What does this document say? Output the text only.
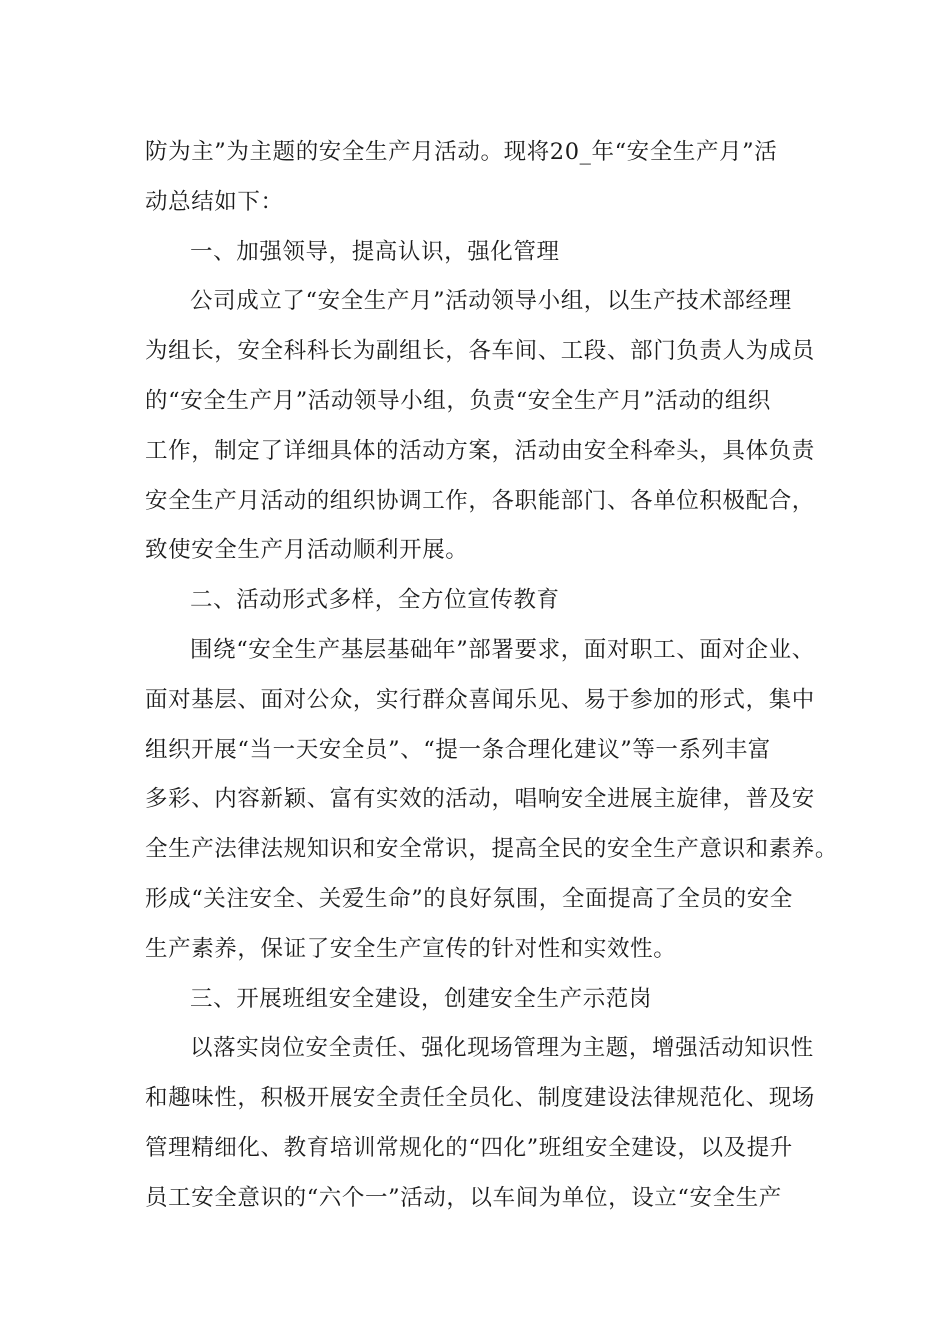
防为主”为主题的安全生产月活动。现将20_年“安全生产月”活
动总结如下：
一、加强领导，提高认识，强化管理
公司成立了“安全生产月”活动领导小组，以生产技术部经理
为组长，安全科科长为副组长，各车间、工段、部门负责人为成员
的“安全生产月”活动领导小组，负责“安全生产月”活动的组织
工作，制定了详细具体的活动方案，活动由安全科牵头，具体负责
安全生产月活动的组织协调工作，各职能部门、各单位积极配合，
致使安全生产月活动顺利开展。
二、活动形式多样，全方位宣传教育
围绕“安全生产基层基础年”部署要求，面对职工、面对企业、
面对基层、面对公众，实行群众喜闻乐见、易于参加的形式，集中
组织开展“当一天安全员”、“提一条合理化建议”等一系列丰富
多彩、内容新颖、富有实效的活动，唱响安全进展主旋律，普及安
全生产法律法规知识和安全常识，提高全民的安全生产意识和素养。
形成“关注安全、关爱生命”的良好氛围，全面提高了全员的安全
生产素养，保证了安全生产宣传的针对性和实效性。
三、开展班组安全建设，创建安全生产示范岗
以落实岗位安全责任、强化现场管理为主题，增强活动知识性
和趣味性，积极开展安全责任全员化、制度建设法律规范化、现场
管理精细化、教育培训常规化的“四化”班组安全建设，以及提升
员工安全意识的“六个一”活动，以车间为单位，设立“安全生产
